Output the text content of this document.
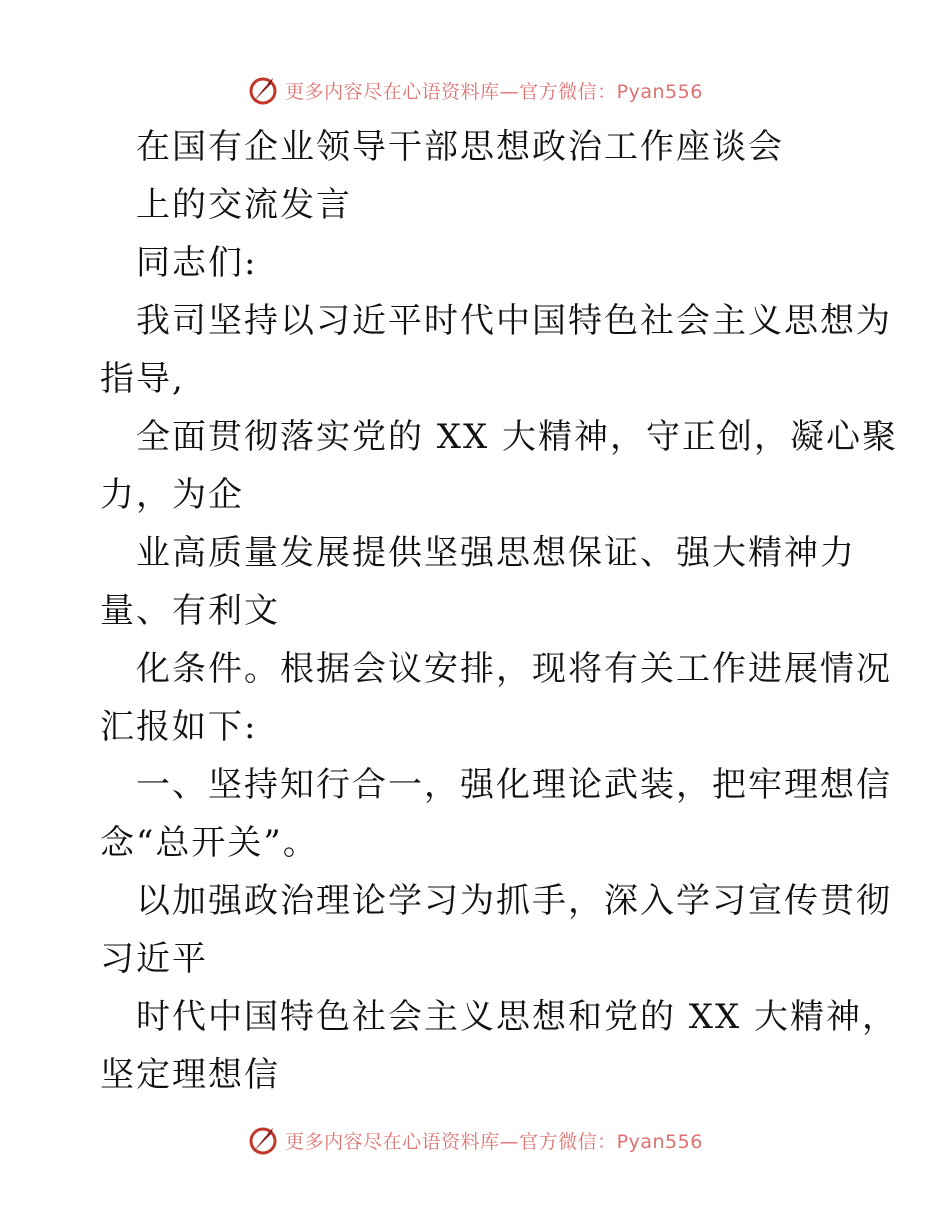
更多内容尽在心语资料库—官方微信：Pyan556
在国有企业领导干部思想政治工作座谈会
上的交流发言
同志们:
我司坚持以习近平时代中国特色社会主义思想为
指导,
全面贯彻落实党的 XX 大精神，守正创，凝心聚
力，为企
业高质量发展提供坚强思想保证、强大精神力
量、有利文
化条件。根据会议安排，现将有关工作进展情况
汇报如下:
一、坚持知行合一，强化理论武装，把牢理想信
念“总开关”。
以加强政治理论学习为抓手，深入学习宣传贯彻
习近平
时代中国特色社会主义思想和党的 XX 大精神，
坚定理想信
更多内容尽在心语资料库—官方微信：Pyan556
